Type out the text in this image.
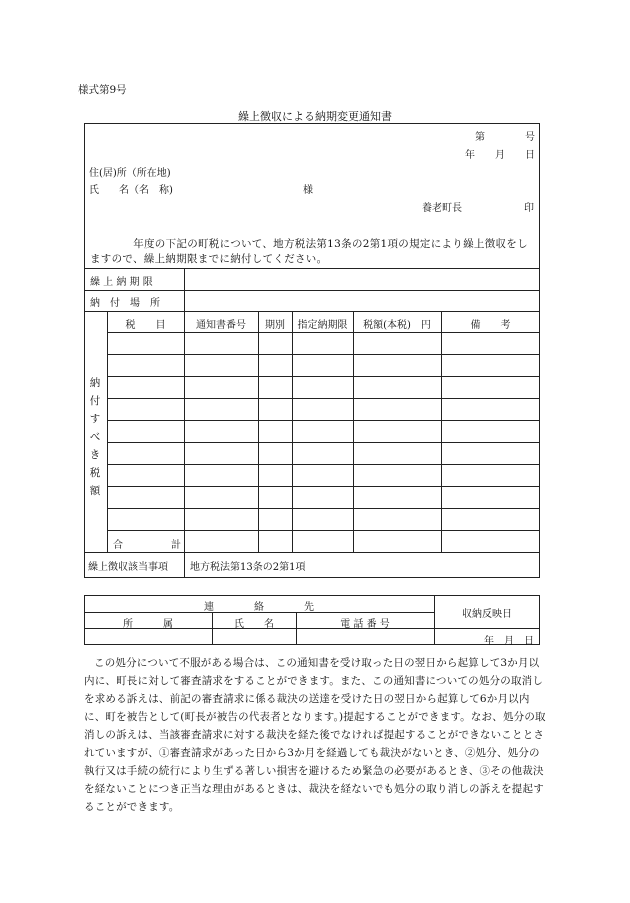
様式第9号
繰上徴収による納期変更通知書
第　　　　号
年　　月　　日
住(居)所（所在地)
氏　　名（名　称)	様
養老町長	印
　　　　年度の下記の町税について、地方税法第13条の2第1項の規定により繰上徴収をしますので、繰上納期限までに納付してください。
繰 上 納 期 限
納　付　場　所
税　　目	通知書番号	期別	指定納期限	税額(本税)　円	備　　考
納
付
す
べ
き
税
額
合　　　計
繰上徴収該当事項 地方税法第13条の2第1項
連　　　　絡　　　　先
所　　　属	氏　　名	電 話 番 号
収納反映日
年　月　日
この処分について不服がある場合は、この通知書を受け取った日の翌日から起算して3か月以内に、町長に対して審査請求をすることができます。また、この通知書についての処分の取消しを求める訴えは、前記の審査請求に係る裁決の送達を受けた日の翌日から起算して6か月以内に、町を被告として(町長が被告の代表者となります。)提起することができます。なお、処分の取消しの訴えは、当該審査請求に対する裁決を経た後でなければ提起することができないこととされていますが、①審査請求があった日から3か月を経過しても裁決がないとき、②処分、処分の執行又は手続の続行により生ずる著しい損害を避けるため緊急の必要があるとき、③その他裁決を経ないことにつき正当な理由があるときは、裁決を経ないでも処分の取り消しの訴えを提起することができます。
